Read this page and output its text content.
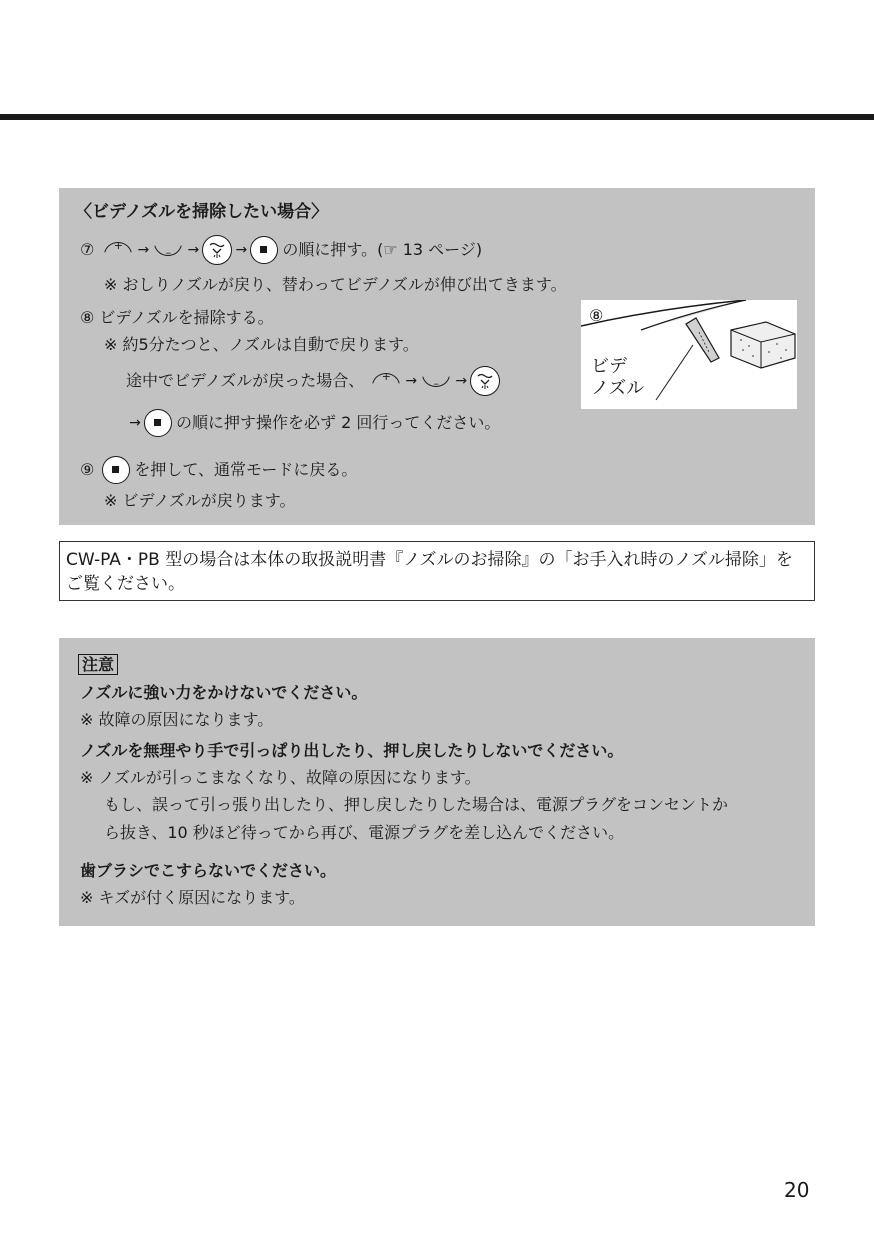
〈ビデノズルを掃除したい場合〉
⑦	+	→	–	→	→ の順に押す。(☞ 13 ページ)
※ おしりノズルが戻り、替わってビデノズルが伸び出てきます。
⑧ ビデノズルを掃除する。
※ 約5分たつと、ノズルは自動で戻ります。
途中でビデノズルが戻った場合、	+	→	–	→
→ の順に押す操作を必ず 2 回行ってください。
⑧
ビデ
ノズル
⑨	を押して、通常モードに戻る。
※ ビデノズルが戻ります。
CW-PA・PB 型の場合は本体の取扱説明書『ノズルのお掃除』の「お手入れ時のノズル掃除」をご覧ください。
注意
ノズルに強い力をかけないでください。
※ 故障の原因になります。
ノズルを無理やり手で引っぱり出したり、押し戻したりしないでください。
※ ノズルが引っこまなくなり、故障の原因になります。
もし、誤って引っ張り出したり、押し戻したりした場合は、電源プラグをコンセントか
ら抜き、10 秒ほど待ってから再び、電源プラグを差し込んでください。
歯ブラシでこすらないでください。
※ キズが付く原因になります。
20
